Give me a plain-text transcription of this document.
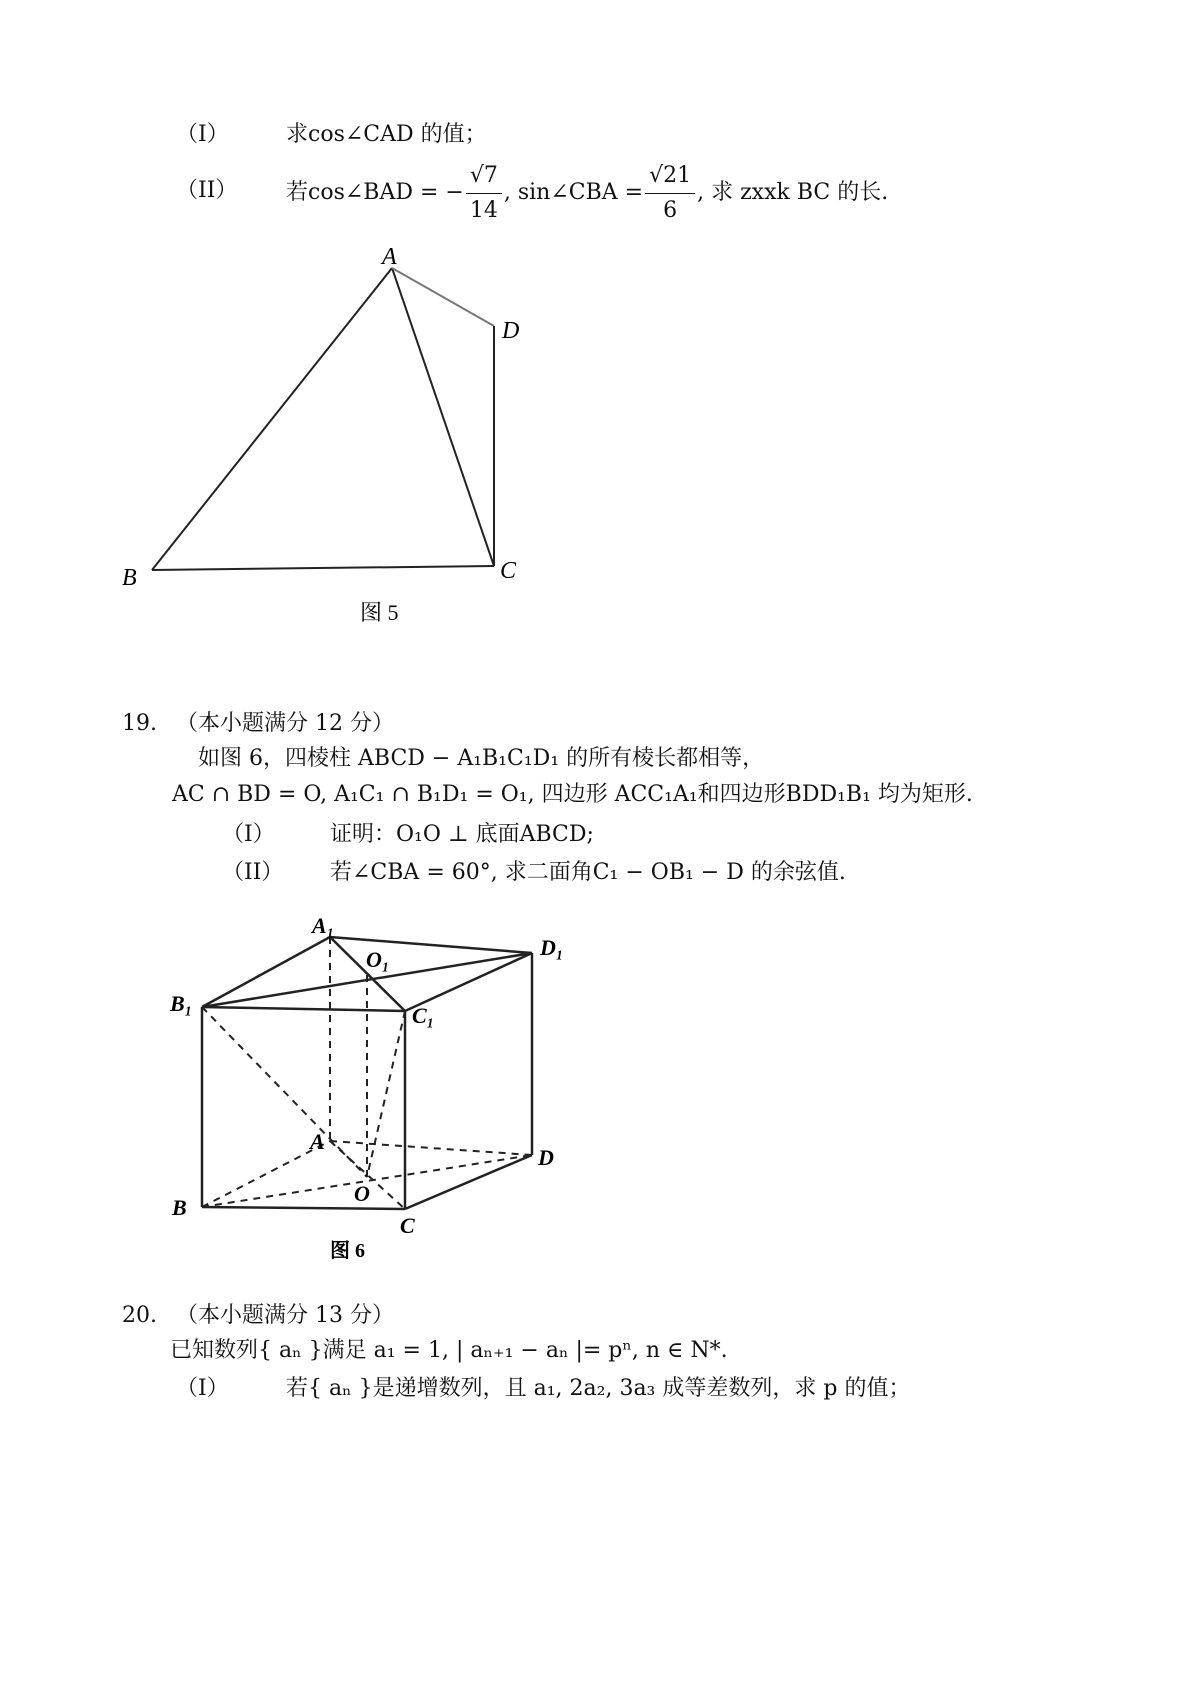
（I）	求cos∠CAD 的值；
（II） 若cos∠BAD = − $\frac{√7}{14}$ , sin∠CBA = $\frac{√21}{6}$ , 求 zxxk BC 的长.
A
D
B	C
图 5
19. （本小题满分 12 分）
如图 6，四棱柱 ABCD − A₁B₁C₁D₁ 的所有棱长都相等，
AC ∩ BD = O, A₁C₁ ∩ B₁D₁ = O₁, 四边形 ACC₁A₁和四边形BDD₁B₁ 均为矩形.
（I）	证明：O₁O ⊥ 底面ABCD;
（II） 若∠CBA = 60°, 求二面角C₁ − OB₁ − D 的余弦值.
A₁
O₁	D₁
B₁	C₁
A
D
O
B
C
图 6
20. （本小题满分 13 分）
已知数列{ aₙ }满足 a₁ = 1, | aₙ₊₁ − aₙ |= pⁿ, n ∈ N*.
（I）	若{ aₙ }是递增数列，且 a₁, 2a₂, 3a₃ 成等差数列，求 p 的值；
